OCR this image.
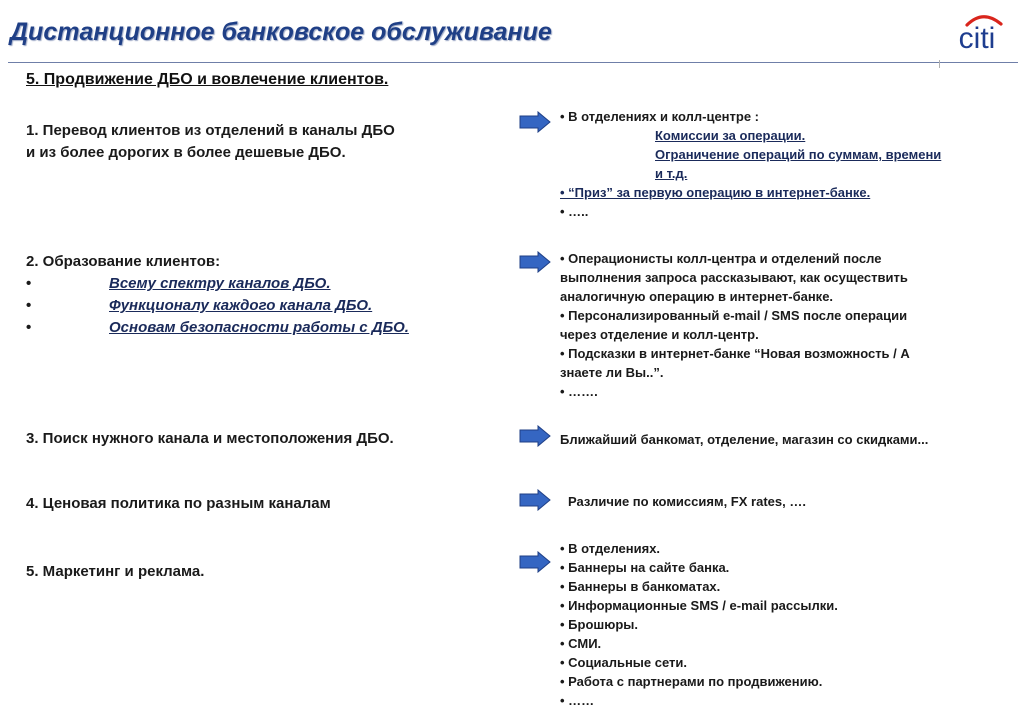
Дистанционное банковское обслуживание	citi
5. Продвижение ДБО и вовлечение клиентов.
1. Перевод клиентов из отделений в каналы ДБО
и из более дорогих в более дешевые ДБО.
• В отделениях и колл-центре :
Комиссии за операции.
Ограничение операций по суммам, времени
и т.д.
• “Приз” за первую операцию в интернет-банке.
• …..
2. Образование клиентов:
•	Всему спектру каналов ДБО.
•	Функционалу каждого канала ДБО.
•	Основам безопасности работы с ДБО.
• Операционисты колл-центра и отделений после
выполнения запроса рассказывают, как осуществить
аналогичную операцию в интернет-банке.
• Персонализированный e-mail / SMS после операции
через отделение и колл-центр.
• Подсказки в интернет-банке “Новая возможность / А
знаете ли Вы..”.
• …….
3. Поиск нужного канала и местоположения ДБО.	Ближайший банкомат, отделение, магазин со скидками...
4. Ценовая политика по разным каналам	Различие по комиссиям, FX rates, ….
5. Маркетинг и реклама.
• В отделениях.
• Баннеры на сайте банка.
• Баннеры в банкоматах.
• Информационные SMS / e-mail рассылки.
• Брошюры.
• СМИ.
• Социальные сети.
• Работа с партнерами по продвижению.
• ……
